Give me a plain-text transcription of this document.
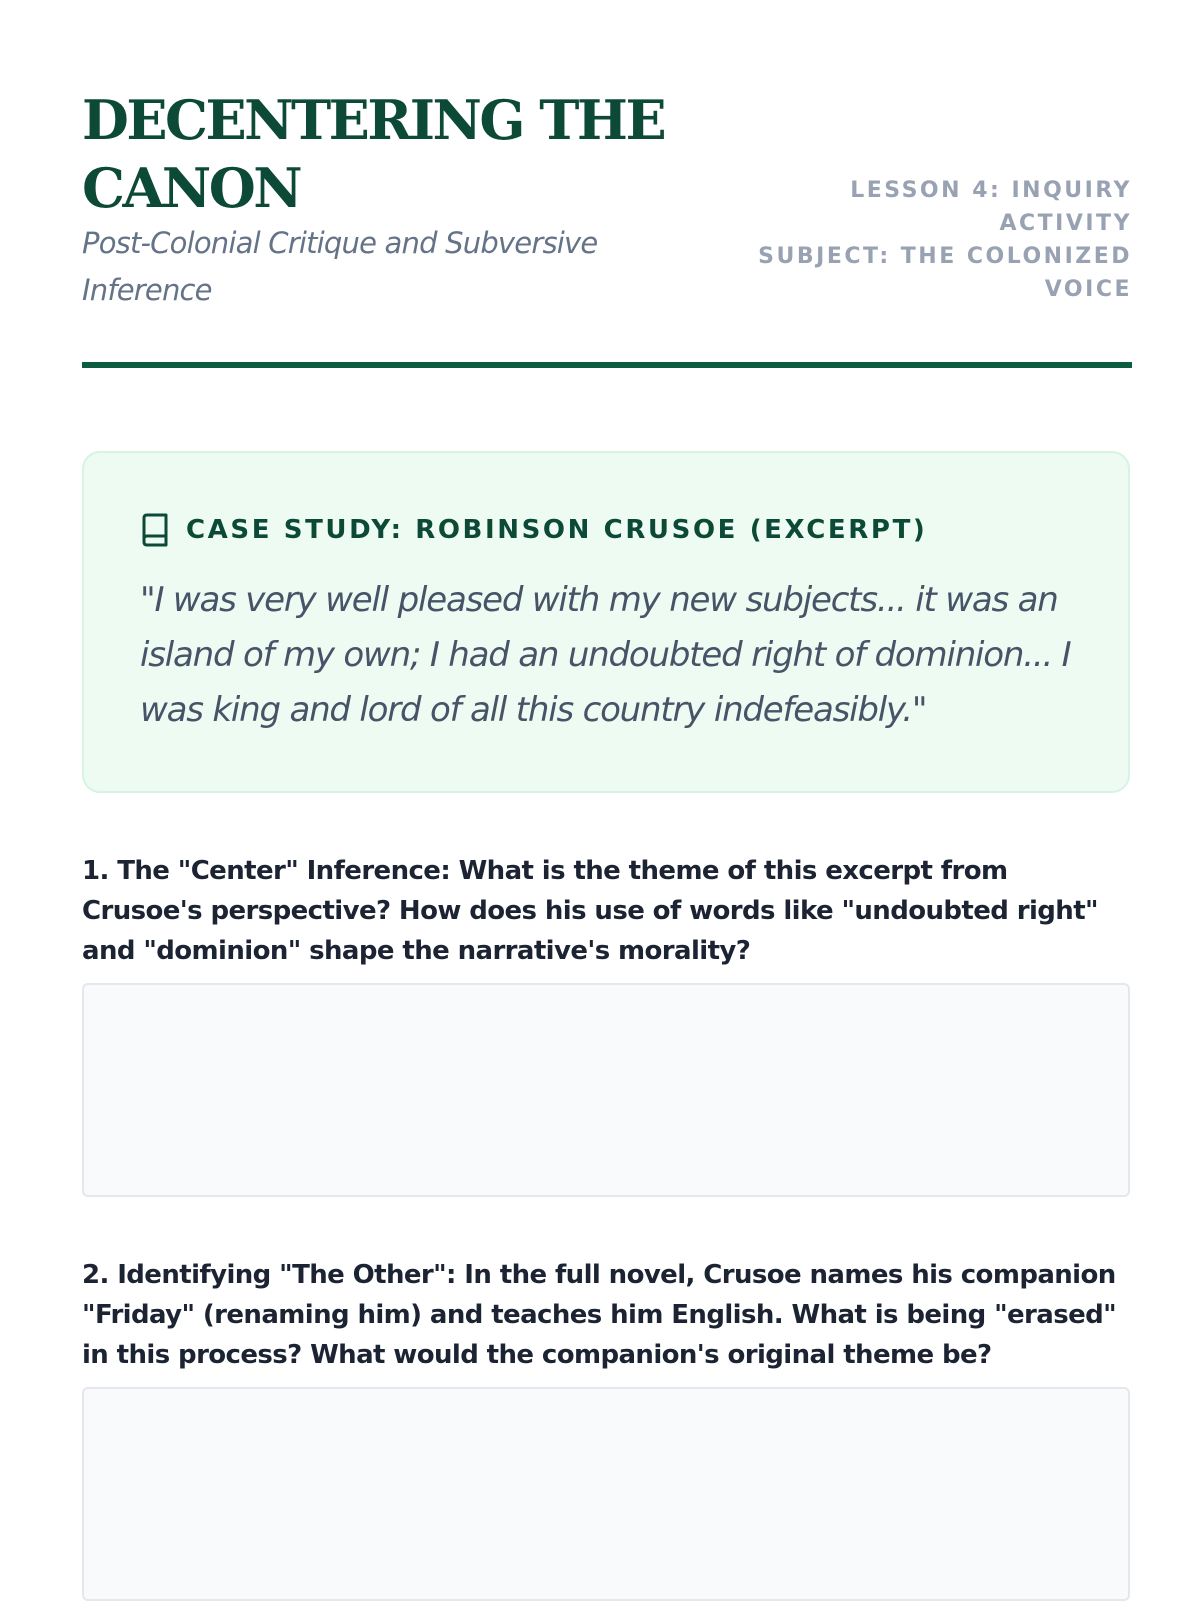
DECENTERING THE CANON
Post-Colonial Critique and Subversive Inference
LESSON 4: INQUIRY ACTIVITY
SUBJECT: THE COLONIZED VOICE
CASE STUDY: ROBINSON CRUSOE (EXCERPT)

"I was very well pleased with my new subjects... it was an island of my own; I had an undoubted right of dominion... I was king and lord of all this country indefeasibly."

1. The "Center" Inference: What is the theme of this excerpt from Crusoe's perspective? How does his use of words like "undoubted right" and "dominion" shape the narrative's morality?

2. Identifying "The Other": In the full novel, Crusoe names his companion "Friday" (renaming him) and teaches him English. What is being "erased" in this process? What would the companion's original theme be?
